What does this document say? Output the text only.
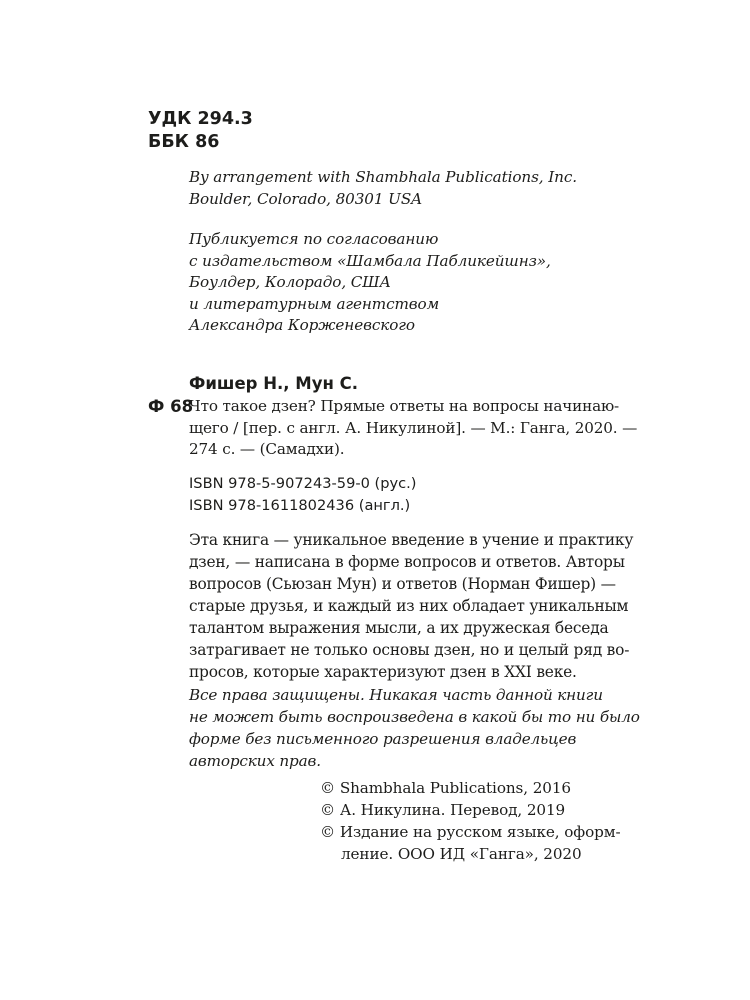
УДК 294.3
ББК 86
By arrangement with Shambhala Publications, Inc.
Boulder, Colorado, 80301 USA
Публикуется по согласованию
с издательством «Шамбала Пабликейшнз»,
Боулдер, Колорадо, США
и литературным агентством
Александра Корженевского
Фишер Н., Мун С.
Ф 68
Что такое дзен? Прямые ответы на вопросы начинаю-
щего / [пер. с англ. А. Никулиной]. — М.: Ганга, 2020. —
274 с. — (Самадхи).
ISBN 978-5-907243-59-0 (рус.)
ISBN 978-1611802436 (англ.)
Эта книга — уникальное введение в учение и практику
дзен, — написана в форме вопросов и ответов. Авторы
вопросов (Сьюзан Мун) и ответов (Норман Фишер) —
старые друзья, и каждый из них обладает уникальным
талантом выражения мысли, а их дружеская беседа
затрагивает не только основы дзен, но и целый ряд во-
просов, которые характеризуют дзен в XXI веке.
Все права защищены. Никакая часть данной книги
не может быть воспроизведена в какой бы то ни было
форме без письменного разрешения владельцев
авторских прав.
© Shambhala Publications, 2016
© А. Никулина. Перевод, 2019
© Издание на русском языке, оформ-
ление. ООО ИД «Ганга», 2020
